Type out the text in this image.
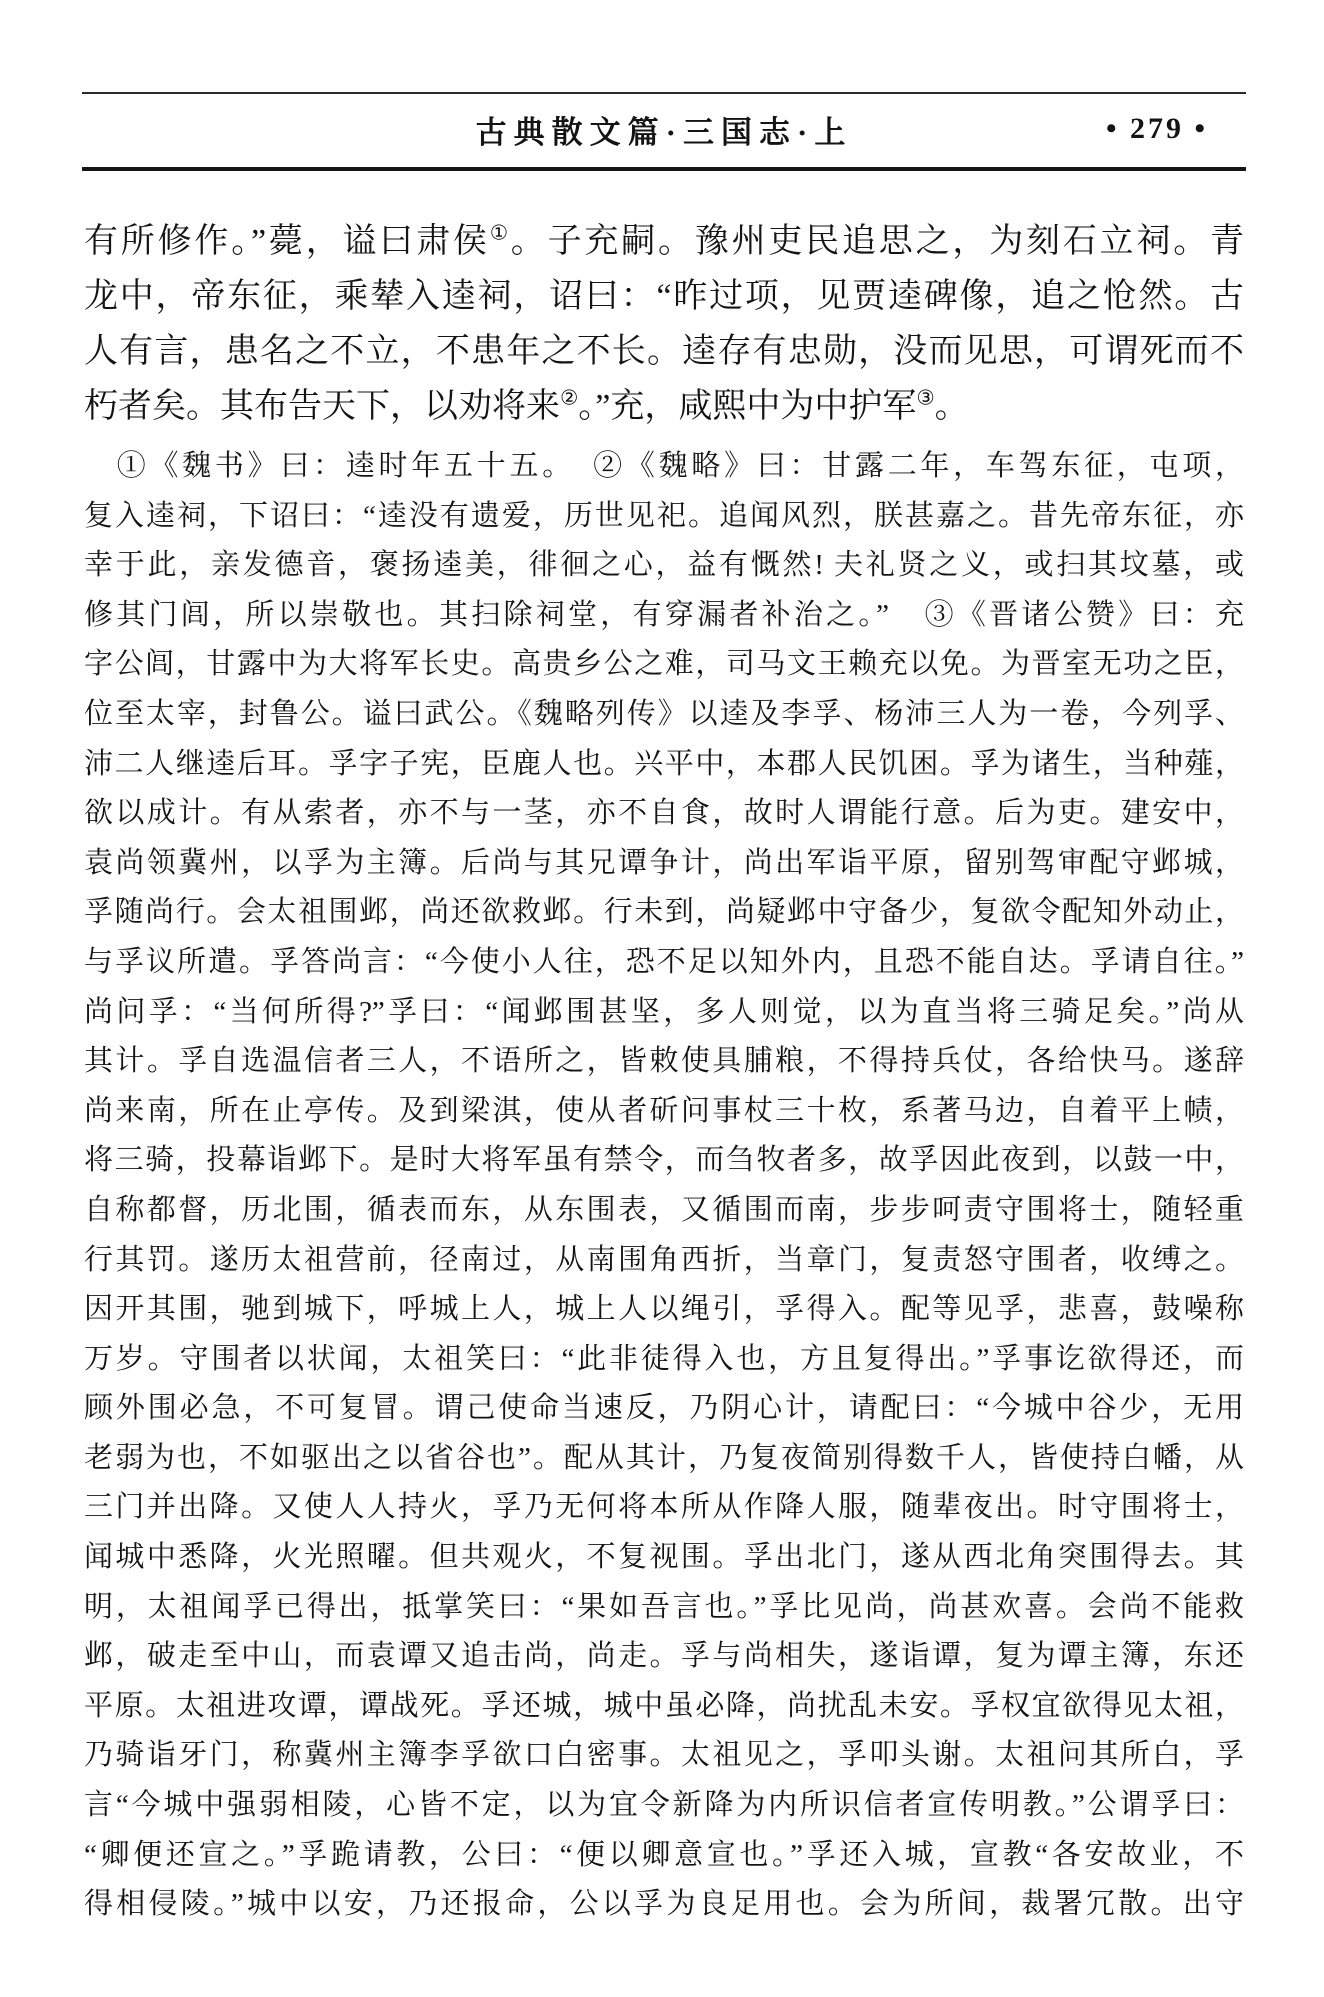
古典散文篇·三国志·上	• 279 •
有所修作。”薨，谥曰肃侯①。子充嗣。豫州吏民追思之，为刻石立祠。青
龙中，帝东征，乘辇入逵祠，诏曰：“昨过项，见贾逵碑像，追之怆然。古
人有言，患名之不立，不患年之不长。逵存有忠勋，没而见思，可谓死而不
朽者矣。其布告天下，以劝将来②。”充，咸熙中为中护军③。
　①《魏书》曰：逵时年五十五。　②《魏略》曰：甘露二年，车驾东征，屯项，
复入逵祠，下诏曰：“逵没有遗爱，历世见祀。追闻风烈，朕甚嘉之。昔先帝东征，亦
幸于此，亲发德音，褒扬逵美，徘徊之心，益有慨然! 夫礼贤之义，或扫其坟墓，或
修其门闾，所以崇敬也。其扫除祠堂，有穿漏者补治之。”　③《晋诸公赞》曰：充
字公闾，甘露中为大将军长史。高贵乡公之难，司马文王赖充以免。为晋室无功之臣，
位至太宰，封鲁公。谥曰武公。《魏略列传》以逵及李孚、杨沛三人为一卷，今列孚、
沛二人继逵后耳。孚字子宪，臣鹿人也。兴平中，本郡人民饥困。孚为诸生，当种薤，
欲以成计。有从索者，亦不与一茎，亦不自食，故时人谓能行意。后为吏。建安中，
袁尚领冀州，以孚为主簿。后尚与其兄谭争计，尚出军诣平原，留别驾审配守邺城，
孚随尚行。会太祖围邺，尚还欲救邺。行未到，尚疑邺中守备少，复欲令配知外动止，
与孚议所遣。孚答尚言：“今使小人往，恐不足以知外内，且恐不能自达。孚请自往。”
尚问孚：“当何所得?”孚曰：“闻邺围甚坚，多人则觉，以为直当将三骑足矣。”尚从
其计。孚自选温信者三人，不语所之，皆敕使具脯粮，不得持兵仗，各给快马。遂辞
尚来南，所在止亭传。及到梁淇，使从者斫问事杖三十枚，系著马边，自着平上帻，
将三骑，投幕诣邺下。是时大将军虽有禁令，而刍牧者多，故孚因此夜到，以鼓一中，
自称都督，历北围，循表而东，从东围表，又循围而南，步步呵责守围将士，随轻重
行其罚。遂历太祖营前，径南过，从南围角西折，当章门，复责怒守围者，收缚之。
因开其围，驰到城下，呼城上人，城上人以绳引，孚得入。配等见孚，悲喜，鼓噪称
万岁。守围者以状闻，太祖笑曰：“此非徒得入也，方且复得出。”孚事讫欲得还，而
顾外围必急，不可复冒。谓己使命当速反，乃阴心计，请配曰：“今城中谷少，无用
老弱为也，不如驱出之以省谷也”。配从其计，乃复夜简别得数千人，皆使持白幡，从
三门并出降。又使人人持火，孚乃无何将本所从作降人服，随辈夜出。时守围将士，
闻城中悉降，火光照曜。但共观火，不复视围。孚出北门，遂从西北角突围得去。其
明，太祖闻孚已得出，抵掌笑曰：“果如吾言也。”孚比见尚，尚甚欢喜。会尚不能救
邺，破走至中山，而袁谭又追击尚，尚走。孚与尚相失，遂诣谭，复为谭主簿，东还
平原。太祖进攻谭，谭战死。孚还城，城中虽必降，尚扰乱未安。孚权宜欲得见太祖，
乃骑诣牙门，称冀州主簿李孚欲口白密事。太祖见之，孚叩头谢。太祖问其所白，孚
言“今城中强弱相陵，心皆不定，以为宜令新降为内所识信者宣传明教。”公谓孚曰：
“卿便还宣之。”孚跪请教，公曰：“便以卿意宣也。”孚还入城，宣教“各安故业，不
得相侵陵。”城中以安，乃还报命，公以孚为良足用也。会为所间，裁署冗散。出守
